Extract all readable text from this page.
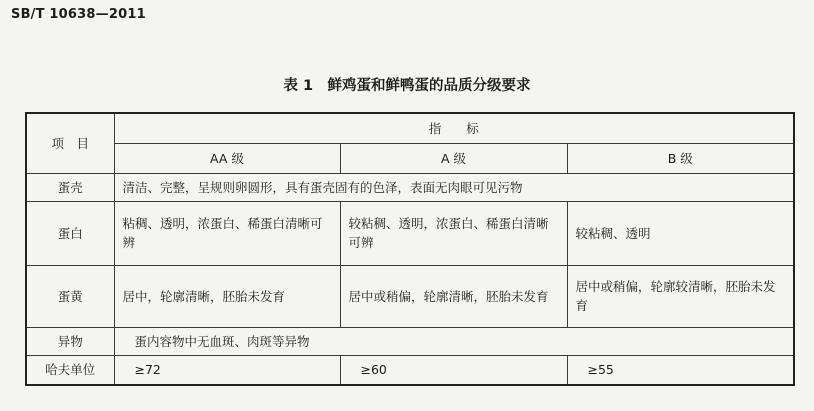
SB/T 10638—2011
表 1　鲜鸡蛋和鲜鸭蛋的品质分级要求
项　目	指　　标		
	AA 级	A 级	B 级
蛋壳	清洁、完整，呈规则卵圆形，具有蛋壳固有的色泽，表面无肉眼可见污物		
蛋白	粘稠、透明，浓蛋白、稀蛋白清晰可辨	较粘稠、透明，浓蛋白、稀蛋白清晰可辨	较粘稠、透明
蛋黄	居中，轮廓清晰，胚胎未发育	居中或稍偏，轮廓清晰，胚胎未发育	居中或稍偏，轮廓较清晰，胚胎未发育
异物	蛋内容物中无血斑、肉斑等异物		
哈夫单位	≥72	≥60	≥55
